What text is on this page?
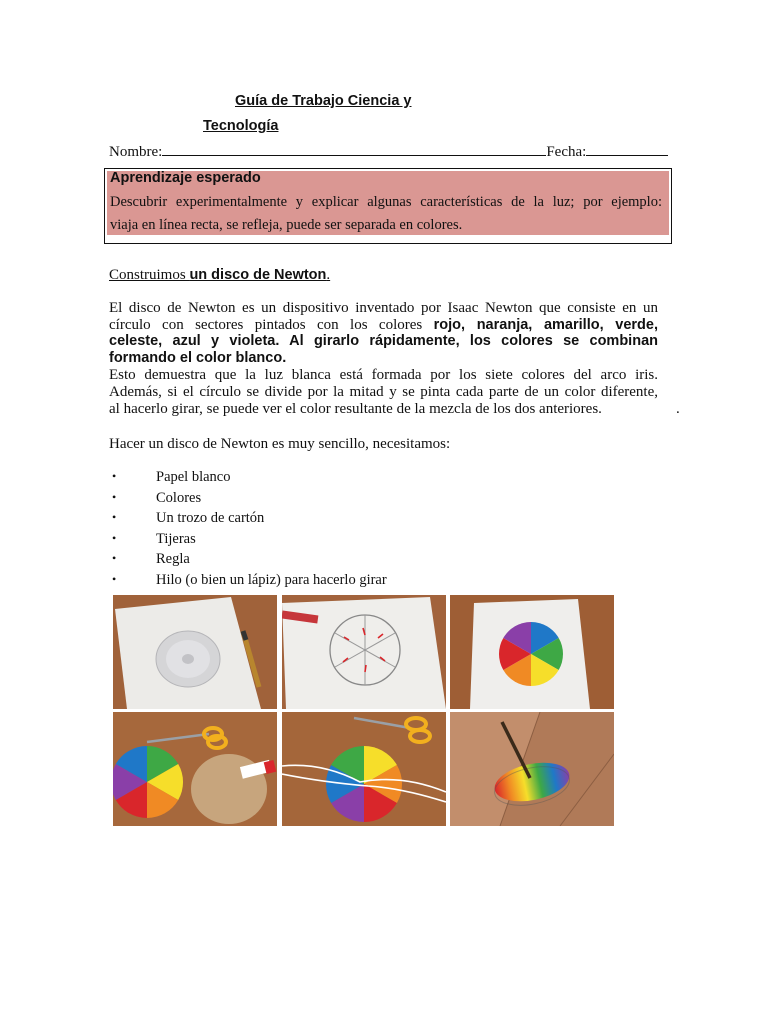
Guía de Trabajo Ciencia y
Tecnología
Nombre:	Fecha:
Aprendizaje esperado

Descubrir experimentalmente y explicar algunas características de la luz; por ejemplo:

viaja en línea recta, se refleja, puede ser separada en colores.

Construimos un disco de Newton.

El disco de Newton es un dispositivo inventado por Isaac Newton que consiste en un

círculo con sectores pintados con los colores rojo, naranja, amarillo, verde,

celeste, azul y violeta. Al girarlo rápidamente, los colores se combinan

formando el color blanco.

Esto demuestra que la luz blanca está formada por los siete colores del arco iris.

Además, si el círculo se divide por la mitad y se pinta cada parte de un color diferente,

al hacerlo girar, se puede ver el color resultante de la mezcla de los dos anteriores.	.
Hacer un disco de Newton es muy sencillo, necesitamos:
•	Papel blanco
•	Colores
•	Un trozo de cartón
•	Tijeras
•	Regla
•	Hilo (o bien un lápiz) para hacerlo girar
